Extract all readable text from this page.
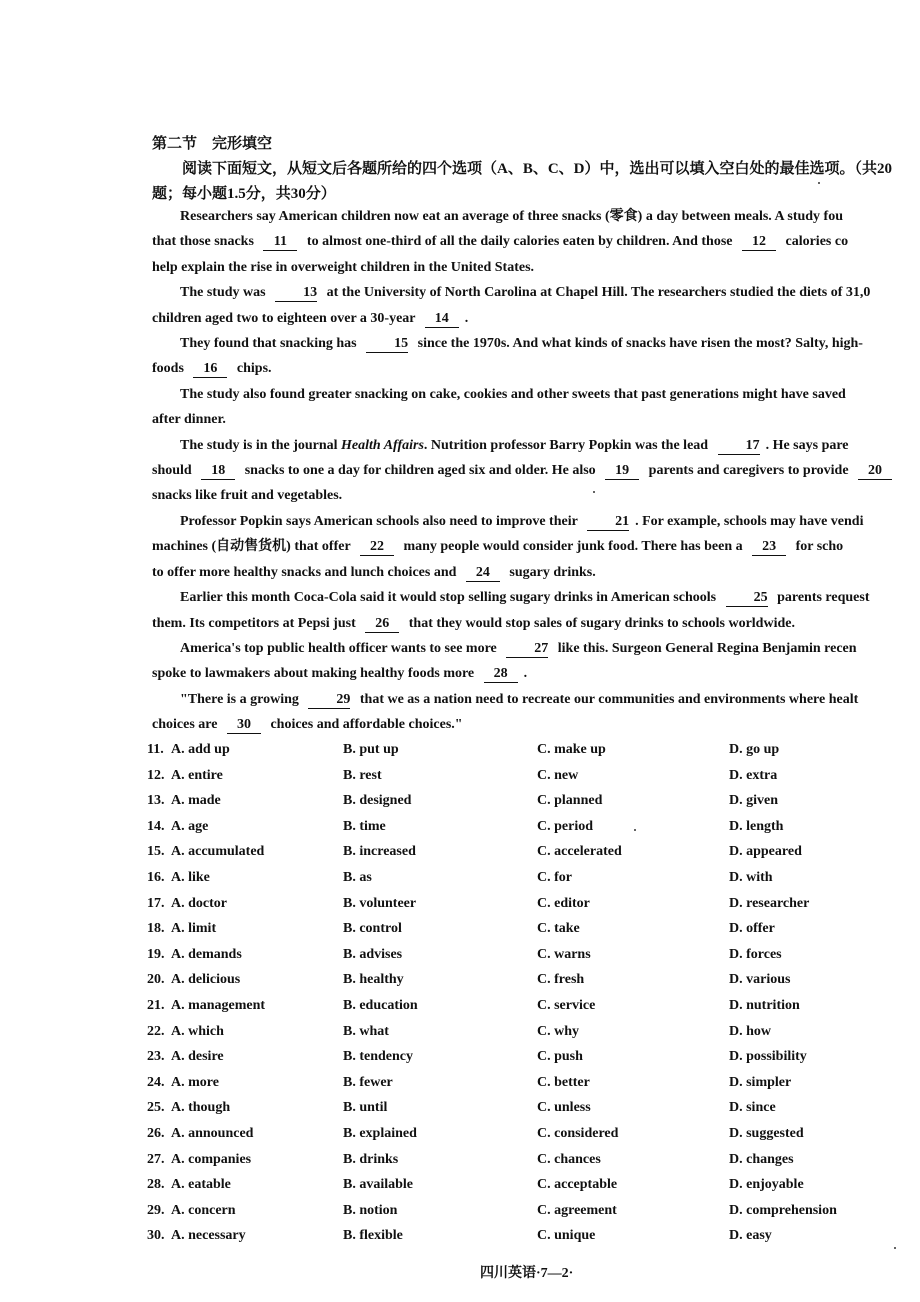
第二节　完形填空
阅读下面短文，从短文后各题所给的四个选项（A、B、C、D）中，选出可以填入空白处的最佳选项。（共20题；每小题1.5分，共30分）
Researchers say American children now eat an average of three snacks (零食) a day between meals. A study fou
that those snacks 11 to almost one-third of all the daily calories eaten by children. And those 12 calories co
help explain the rise in overweight children in the United States.
The study was 13 at the University of North Carolina at Chapel Hill. The researchers studied the diets of 31,0
children aged two to eighteen over a 30-year 14 .
They found that snacking has 15 since the 1970s. And what kinds of snacks have risen the most? Salty, high-
foods 16 chips.
The study also found greater snacking on cake, cookies and other sweets that past generations might have saved
after dinner.
The study is in the journal Health Affairs. Nutrition professor Barry Popkin was the lead 17 . He says pare
should 18 snacks to one a day for children aged six and older. He also 19 parents and caregivers to provide 20
snacks like fruit and vegetables.
Professor Popkin says American schools also need to improve their 21 . For example, schools may have vendi
machines (自动售货机) that offer 22 many people would consider junk food. There has been a 23 for scho
to offer more healthy snacks and lunch choices and 24 sugary drinks.
Earlier this month Coca-Cola said it would stop selling sugary drinks in American schools 25 parents request
them. Its competitors at Pepsi just 26 that they would stop sales of sugary drinks to schools worldwide.
America's top public health officer wants to see more 27 like this. Surgeon General Regina Benjamin recen
spoke to lawmakers about making healthy foods more 28 .
"There is a growing 29 that we as a nation need to recreate our communities and environments where healt
choices are 30 choices and affordable choices."
11. A. add up	B. put up	C. make up	D. go up
12. A. entire	B. rest	C. new	D. extra
13. A. made	B. designed	C. planned	D. given
14. A. age	B. time	C. period	D. length
15. A. accumulated	B. increased	C. accelerated	D. appeared
16. A. like	B. as	C. for	D. with
17. A. doctor	B. volunteer	C. editor	D. researcher
18. A. limit	B. control	C. take	D. offer
19. A. demands	B. advises	C. warns	D. forces
20. A. delicious	B. healthy	C. fresh	D. various
21. A. management	B. education	C. service	D. nutrition
22. A. which	B. what	C. why	D. how
23. A. desire	B. tendency	C. push	D. possibility
24. A. more	B. fewer	C. better	D. simpler
25. A. though	B. until	C. unless	D. since
26. A. announced	B. explained	C. considered	D. suggested
27. A. companies	B. drinks	C. chances	D. changes
28. A. eatable	B. available	C. acceptable	D. enjoyable
29. A. concern	B. notion	C. agreement	D. comprehension
30. A. necessary	B. flexible	C. unique	D. easy
四川英语·7—2·
